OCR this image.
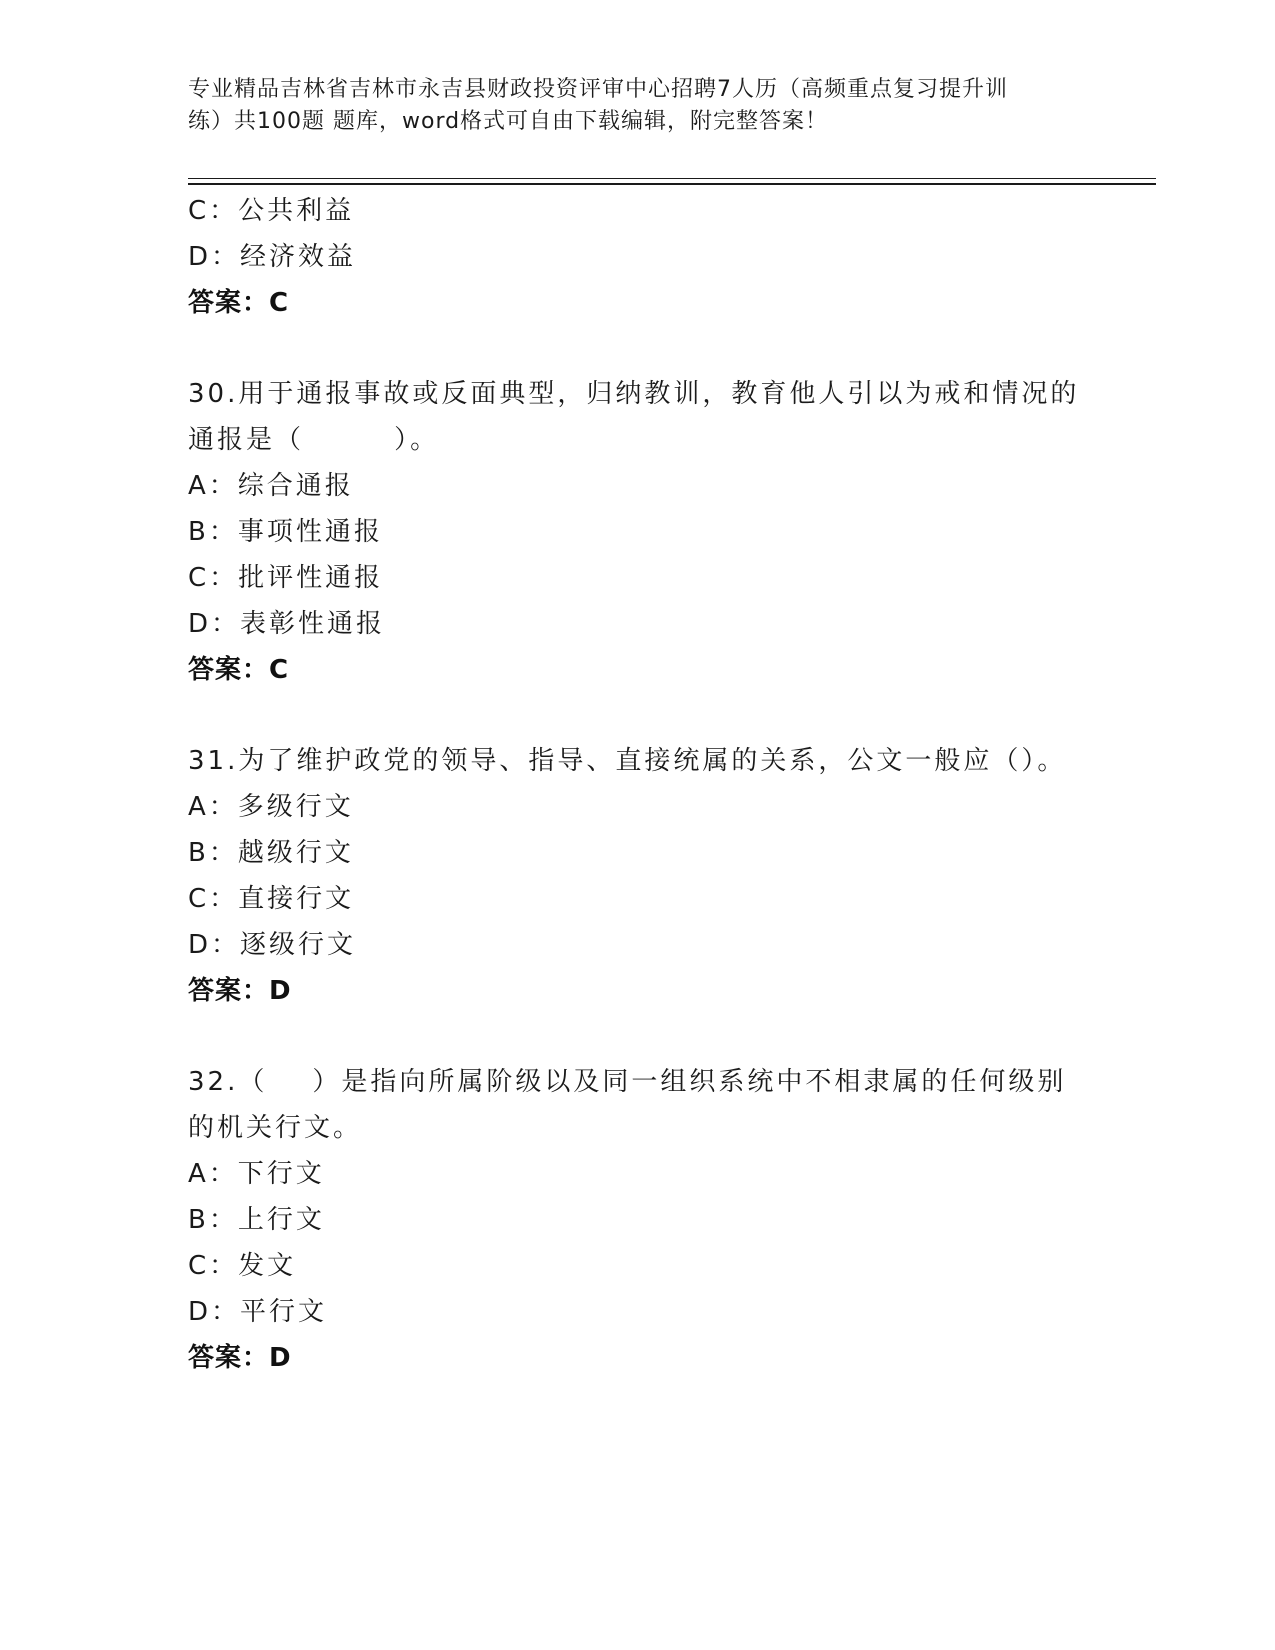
专业精品吉林省吉林市永吉县财政投资评审中心招聘7人历（高频重点复习提升训
练）共100题 题库，word格式可自由下载编辑，附完整答案！
C：公共利益
D：经济效益
答案：C
30.用于通报事故或反面典型，归纳教训，教育他人引以为戒和情况的
通报是（        ）。
A：综合通报
B：事项性通报
C：批评性通报
D：表彰性通报
答案：C
31.为了维护政党的领导、指导、直接统属的关系，公文一般应（）。
A：多级行文
B：越级行文
C：直接行文
D：逐级行文
答案：D
32.（    ）是指向所属阶级以及同一组织系统中不相隶属的任何级别
的机关行文。
A：下行文
B：上行文
C：发文
D：平行文
答案：D
